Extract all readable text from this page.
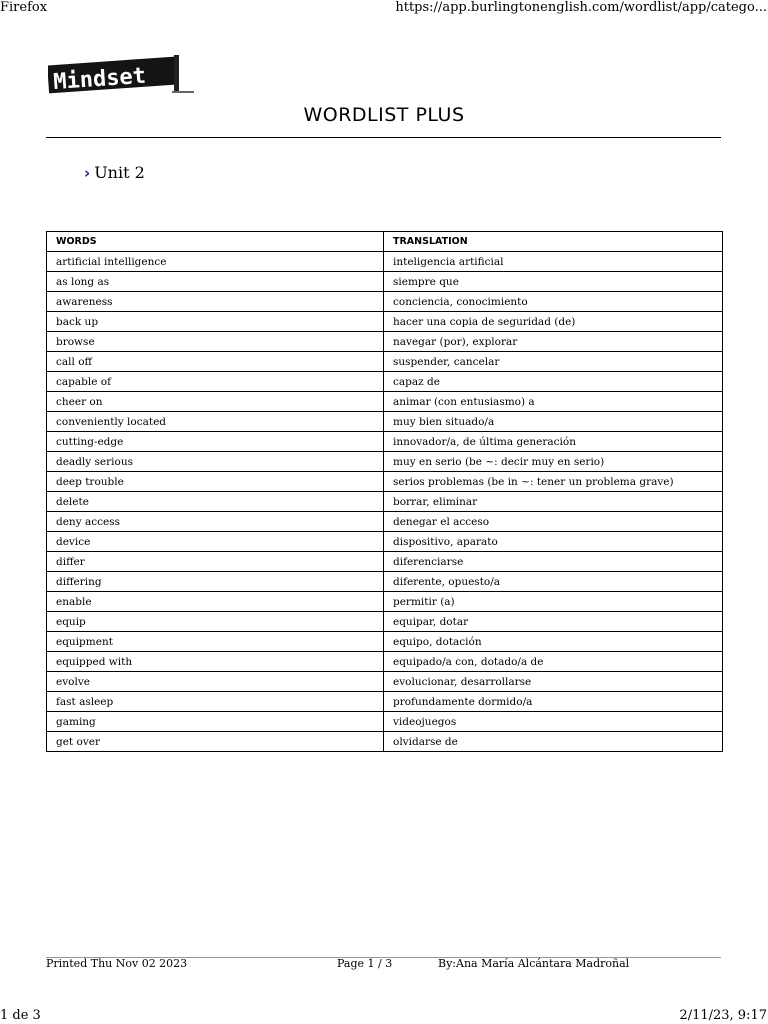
Firefox	https://app.burlingtonenglish.com/wordlist/app/catego...
Mindset
WORDLIST PLUS
› Unit 2
WORDS	TRANSLATION
artificial intelligence	inteligencia artificial
as long as	siempre que
awareness	conciencia, conocimiento
back up	hacer una copia de seguridad (de)
browse	navegar (por), explorar
call off	suspender, cancelar
capable of	capaz de
cheer on	animar (con entusiasmo) a
conveniently located	muy bien situado/a
cutting-edge	innovador/a, de última generación
deadly serious	muy en serio (be ~: decir muy en serio)
deep trouble	serios problemas (be in ~: tener un problema grave)
delete	borrar, eliminar
deny access	denegar el acceso
device	dispositivo, aparato
differ	diferenciarse
differing	diferente, opuesto/a
enable	permitir (a)
equip	equipar, dotar
equipment	equipo, dotación
equipped with	equipado/a con, dotado/a de
evolve	evolucionar, desarrollarse
fast asleep	profundamente dormido/a
gaming	videojuegos
get over	olvidarse de
Printed Thu Nov 02 2023	Page 1 / 3	By:Ana María Alcántara Madroñal
1 de 3	2/11/23, 9:17
